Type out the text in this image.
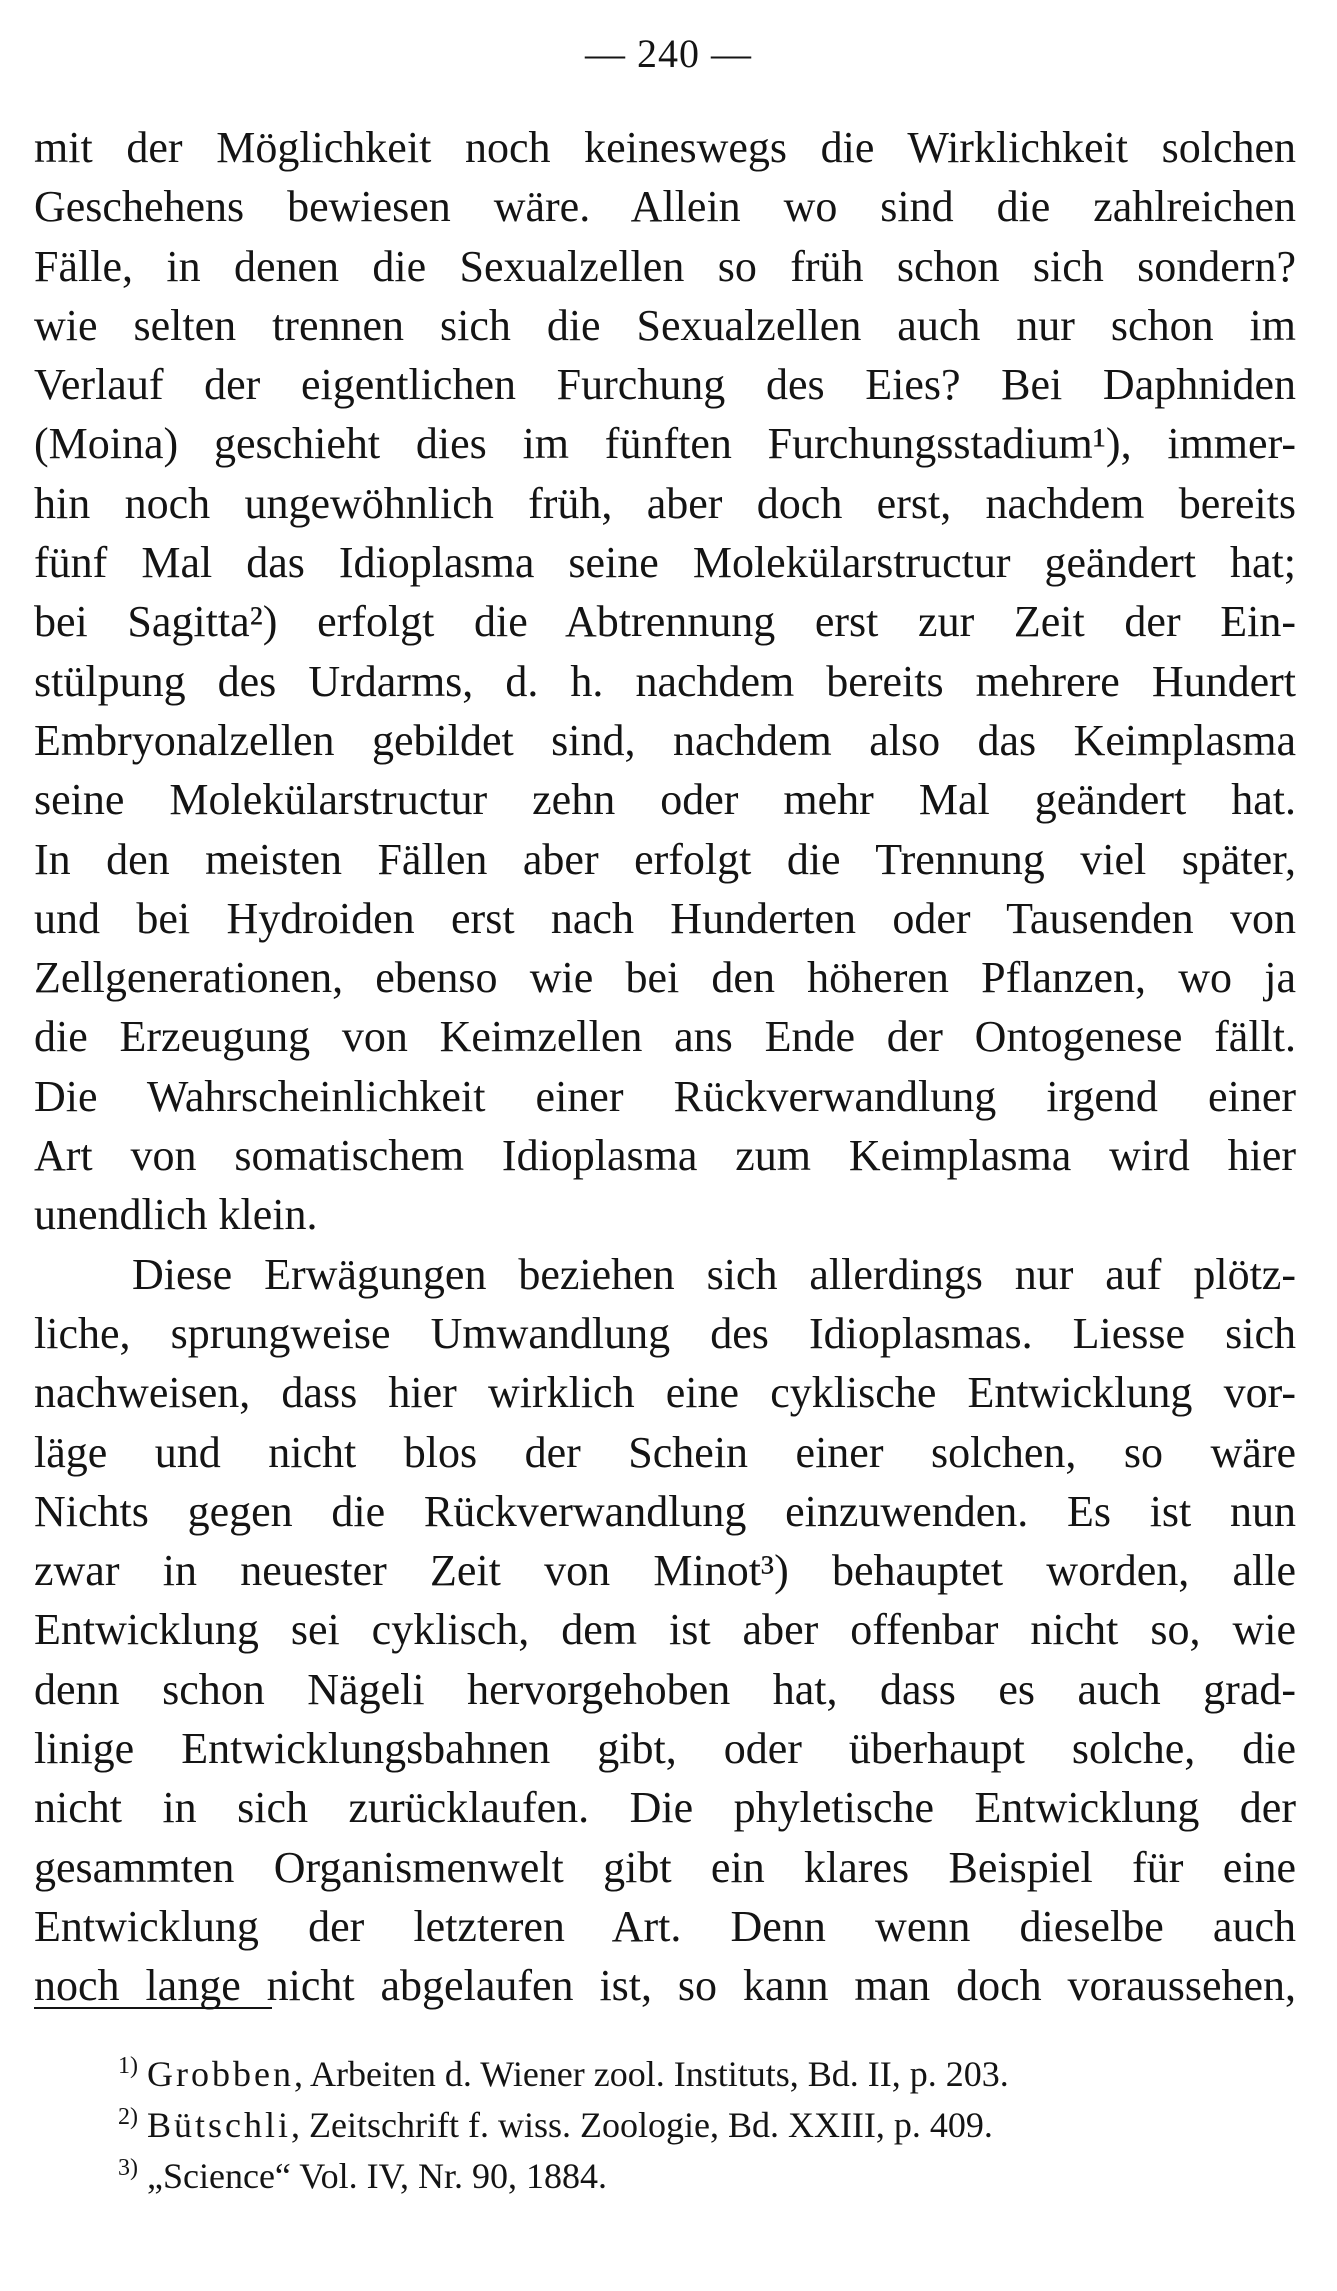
— 240 —
mit der Möglichkeit noch keineswegs die Wirklichkeit solchen
Geschehens bewiesen wäre. Allein wo sind die zahlreichen
Fälle, in denen die Sexualzellen so früh schon sich sondern?
wie selten trennen sich die Sexualzellen auch nur schon im
Verlauf der eigentlichen Furchung des Eies? Bei Daphniden
(Moina) geschieht dies im fünften Furchungsstadium¹), immer-
hin noch ungewöhnlich früh, aber doch erst, nachdem bereits
fünf Mal das Idioplasma seine Molekülarstructur geändert hat;
bei Sagitta²) erfolgt die Abtrennung erst zur Zeit der Ein-
stülpung des Urdarms, d. h. nachdem bereits mehrere Hundert
Embryonalzellen gebildet sind, nachdem also das Keimplasma
seine Molekülarstructur zehn oder mehr Mal geändert hat.
In den meisten Fällen aber erfolgt die Trennung viel später,
und bei Hydroiden erst nach Hunderten oder Tausenden von
Zellgenerationen, ebenso wie bei den höheren Pflanzen, wo ja
die Erzeugung von Keimzellen ans Ende der Ontogenese fällt.
Die Wahrscheinlichkeit einer Rückverwandlung irgend einer
Art von somatischem Idioplasma zum Keimplasma wird hier
unendlich klein.
Diese Erwägungen beziehen sich allerdings nur auf plötz-
liche, sprungweise Umwandlung des Idioplasmas. Liesse sich
nachweisen, dass hier wirklich eine cyklische Entwicklung vor-
läge und nicht blos der Schein einer solchen, so wäre
Nichts gegen die Rückverwandlung einzuwenden. Es ist nun
zwar in neuester Zeit von Minot³) behauptet worden, alle
Entwicklung sei cyklisch, dem ist aber offenbar nicht so, wie
denn schon Nägeli hervorgehoben hat, dass es auch grad-
linige Entwicklungsbahnen gibt, oder überhaupt solche, die
nicht in sich zurücklaufen. Die phyletische Entwicklung der
gesammten Organismenwelt gibt ein klares Beispiel für eine
Entwicklung der letzteren Art. Denn wenn dieselbe auch
noch lange nicht abgelaufen ist, so kann man doch voraussehen,
$^{1)}$ Grobben, Arbeiten d. Wiener zool. Instituts, Bd. II, p. 203.
$^{2)}$ Bütschli, Zeitschrift f. wiss. Zoologie, Bd. XXIII, p. 409.
$^{3)}$ „Science“ Vol. IV, Nr. 90, 1884.
